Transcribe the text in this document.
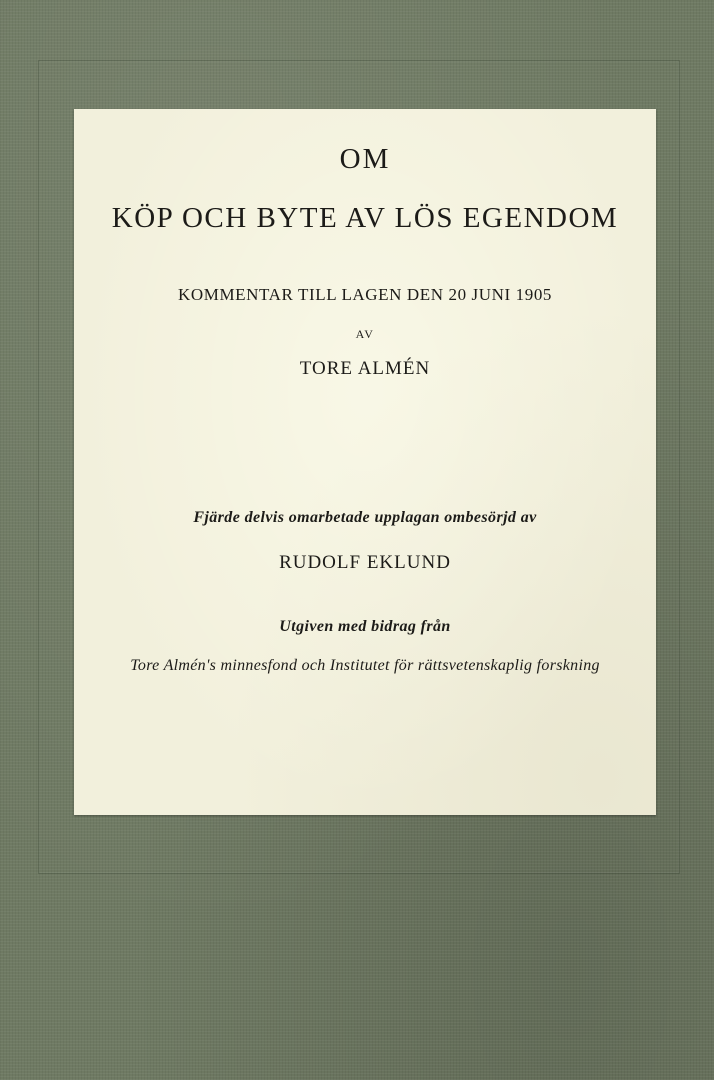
OM
KÖP OCH BYTE AV LÖS EGENDOM
KOMMENTAR TILL LAGEN DEN 20 JUNI 1905
AV
TORE ALMÉN
Fjärde delvis omarbetade upplagan ombesörjd av
RUDOLF EKLUND
Utgiven med bidrag från
Tore Almén's minnesfond och Institutet för rättsvetenskaplig forskning
